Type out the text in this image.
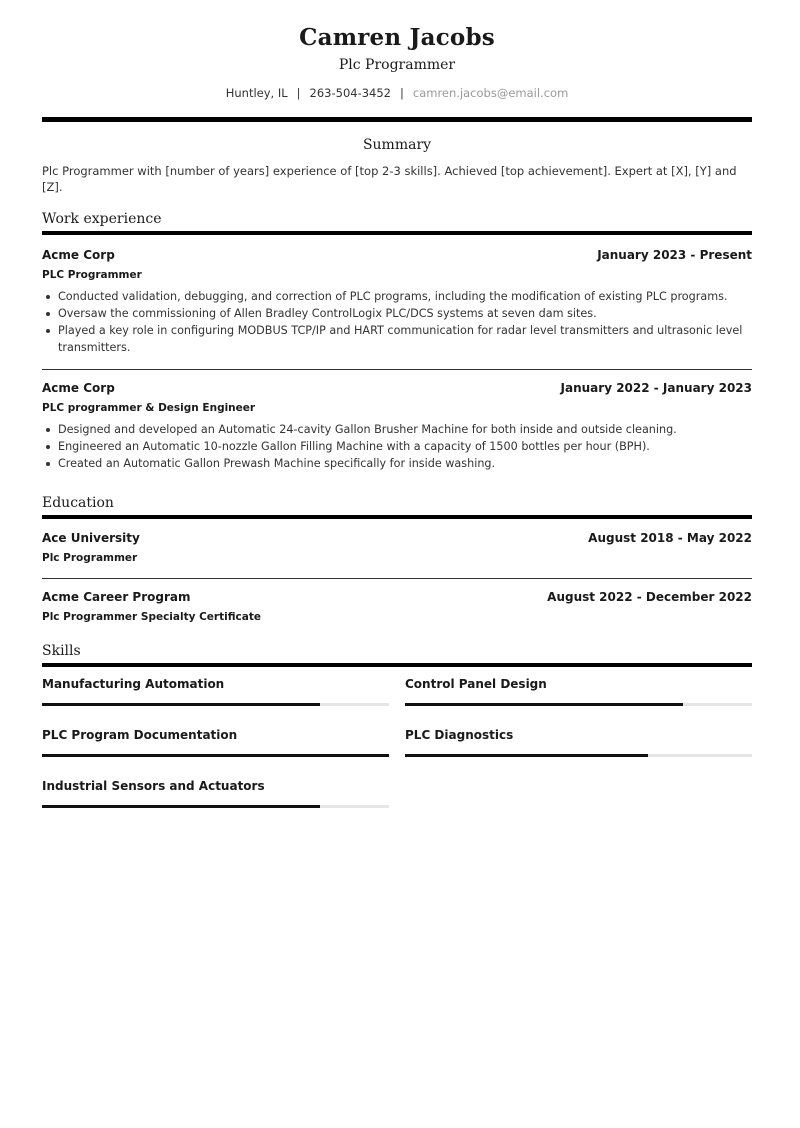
Camren Jacobs
Plc Programmer
Huntley, IL | 263-504-3452 | camren.jacobs@email.com
Summary
Plc Programmer with [number of years] experience of [top 2-3 skills]. Achieved [top achievement]. Expert at [X], [Y] and [Z].
Work experience
Acme Corp	January 2023 - Present
PLC Programmer
Conducted validation, debugging, and correction of PLC programs, including the modification of existing PLC programs.
Oversaw the commissioning of Allen Bradley ControlLogix PLC/DCS systems at seven dam sites.
Played a key role in configuring MODBUS TCP/IP and HART communication for radar level transmitters and ultrasonic level transmitters.
Acme Corp	January 2022 - January 2023
PLC programmer & Design Engineer
Designed and developed an Automatic 24-cavity Gallon Brusher Machine for both inside and outside cleaning.
Engineered an Automatic 10-nozzle Gallon Filling Machine with a capacity of 1500 bottles per hour (BPH).
Created an Automatic Gallon Prewash Machine specifically for inside washing.
Education
Ace University	August 2018 - May 2022
Plc Programmer
Acme Career Program	August 2022 - December 2022
Plc Programmer Specialty Certificate
Skills
Manufacturing Automation	Control Panel Design
PLC Program Documentation	PLC Diagnostics
Industrial Sensors and Actuators
